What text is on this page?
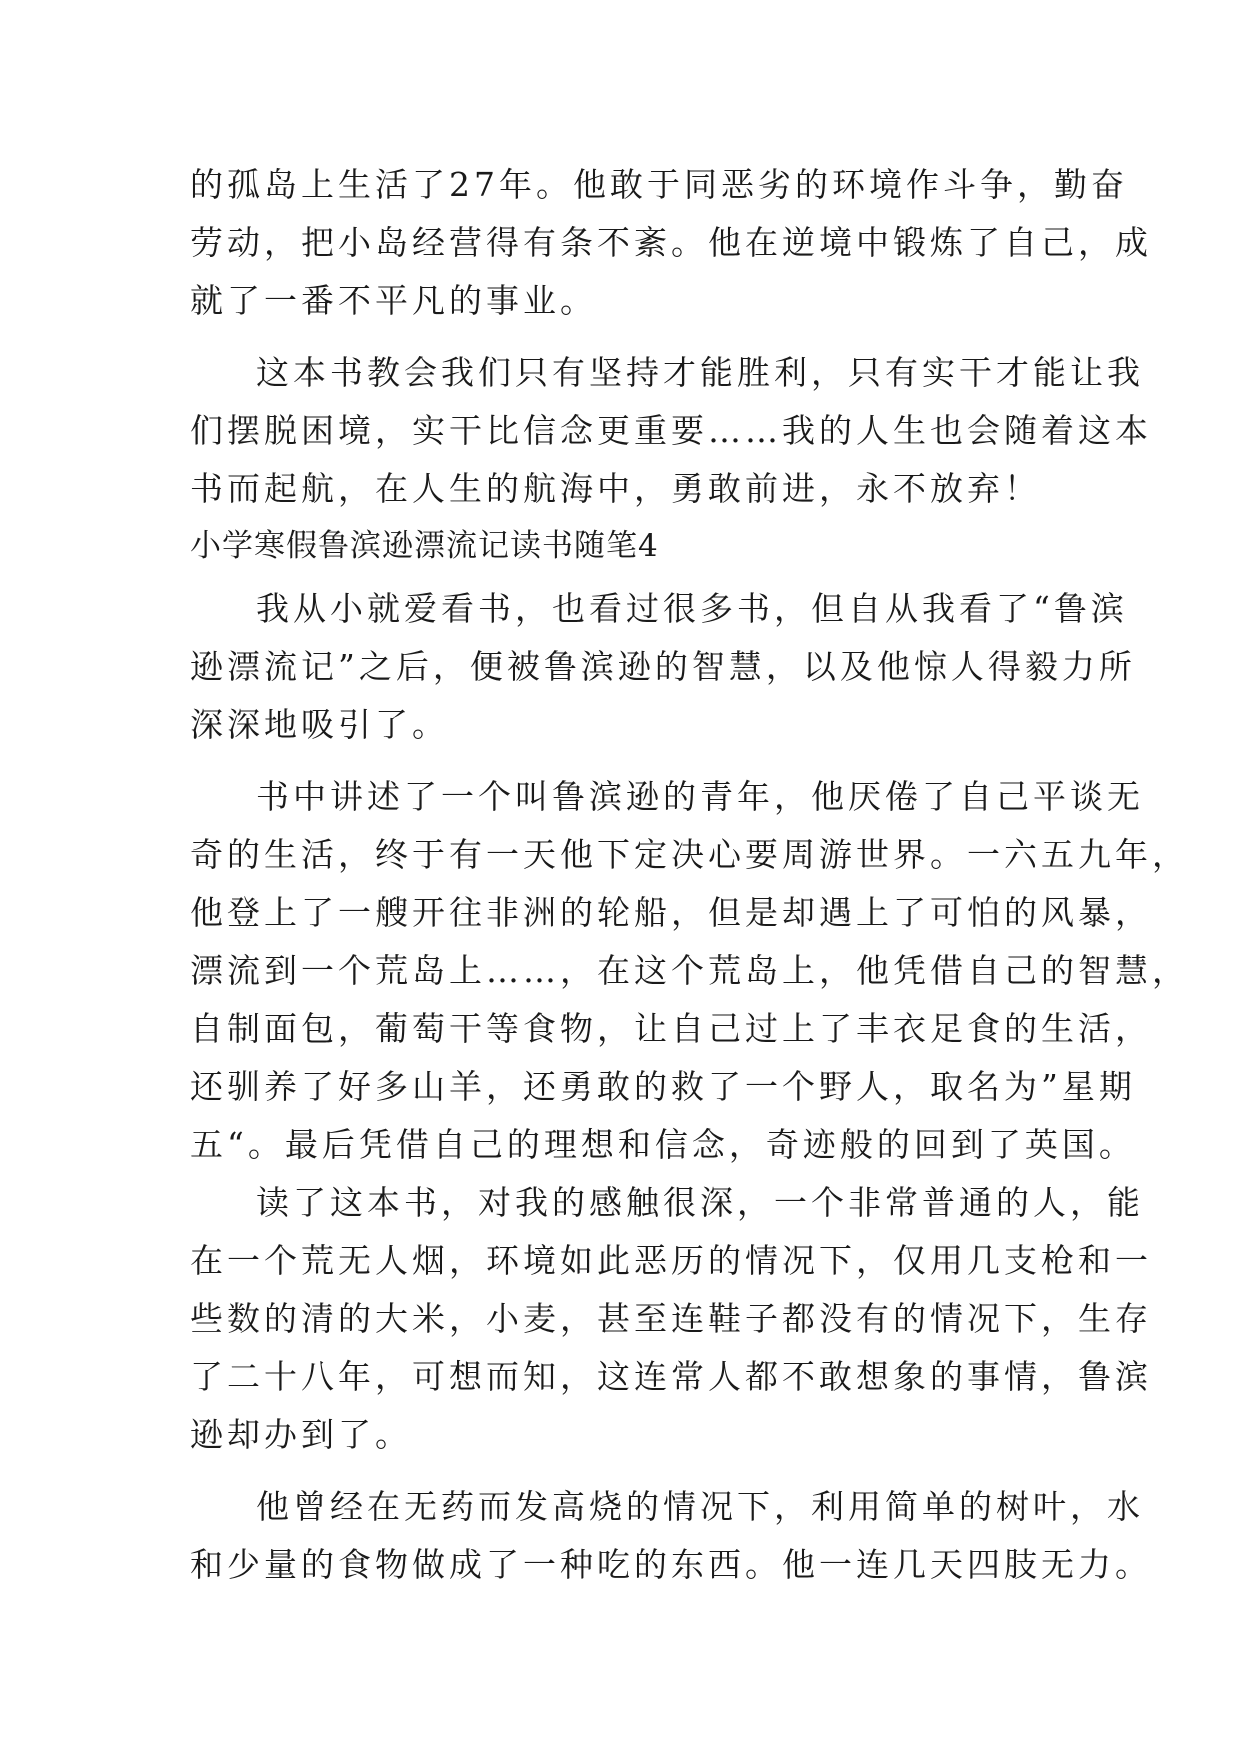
的孤岛上生活了27年。他敢于同恶劣的环境作斗争，勤奋
劳动，把小岛经营得有条不紊。他在逆境中锻炼了自己，成
就了一番不平凡的事业。
这本书教会我们只有坚持才能胜利，只有实干才能让我
们摆脱困境，实干比信念更重要……我的人生也会随着这本
书而起航，在人生的航海中，勇敢前进，永不放弃！
小学寒假鲁滨逊漂流记读书随笔4
我从小就爱看书，也看过很多书，但自从我看了“鲁滨
逊漂流记”之后，便被鲁滨逊的智慧，以及他惊人得毅力所
深深地吸引了。
书中讲述了一个叫鲁滨逊的青年，他厌倦了自己平谈无
奇的生活，终于有一天他下定决心要周游世界。一六五九年，
他登上了一艘开往非洲的轮船，但是却遇上了可怕的风暴，
漂流到一个荒岛上……，在这个荒岛上，他凭借自己的智慧，
自制面包，葡萄干等食物，让自己过上了丰衣足食的生活，
还驯养了好多山羊，还勇敢的救了一个野人，取名为”星期
五“。最后凭借自己的理想和信念，奇迹般的回到了英国。
读了这本书，对我的感触很深，一个非常普通的人，能
在一个荒无人烟，环境如此恶历的情况下，仅用几支枪和一
些数的清的大米，小麦，甚至连鞋子都没有的情况下，生存
了二十八年，可想而知，这连常人都不敢想象的事情，鲁滨
逊却办到了。
他曾经在无药而发高烧的情况下，利用简单的树叶，水
和少量的食物做成了一种吃的东西。他一连几天四肢无力。
